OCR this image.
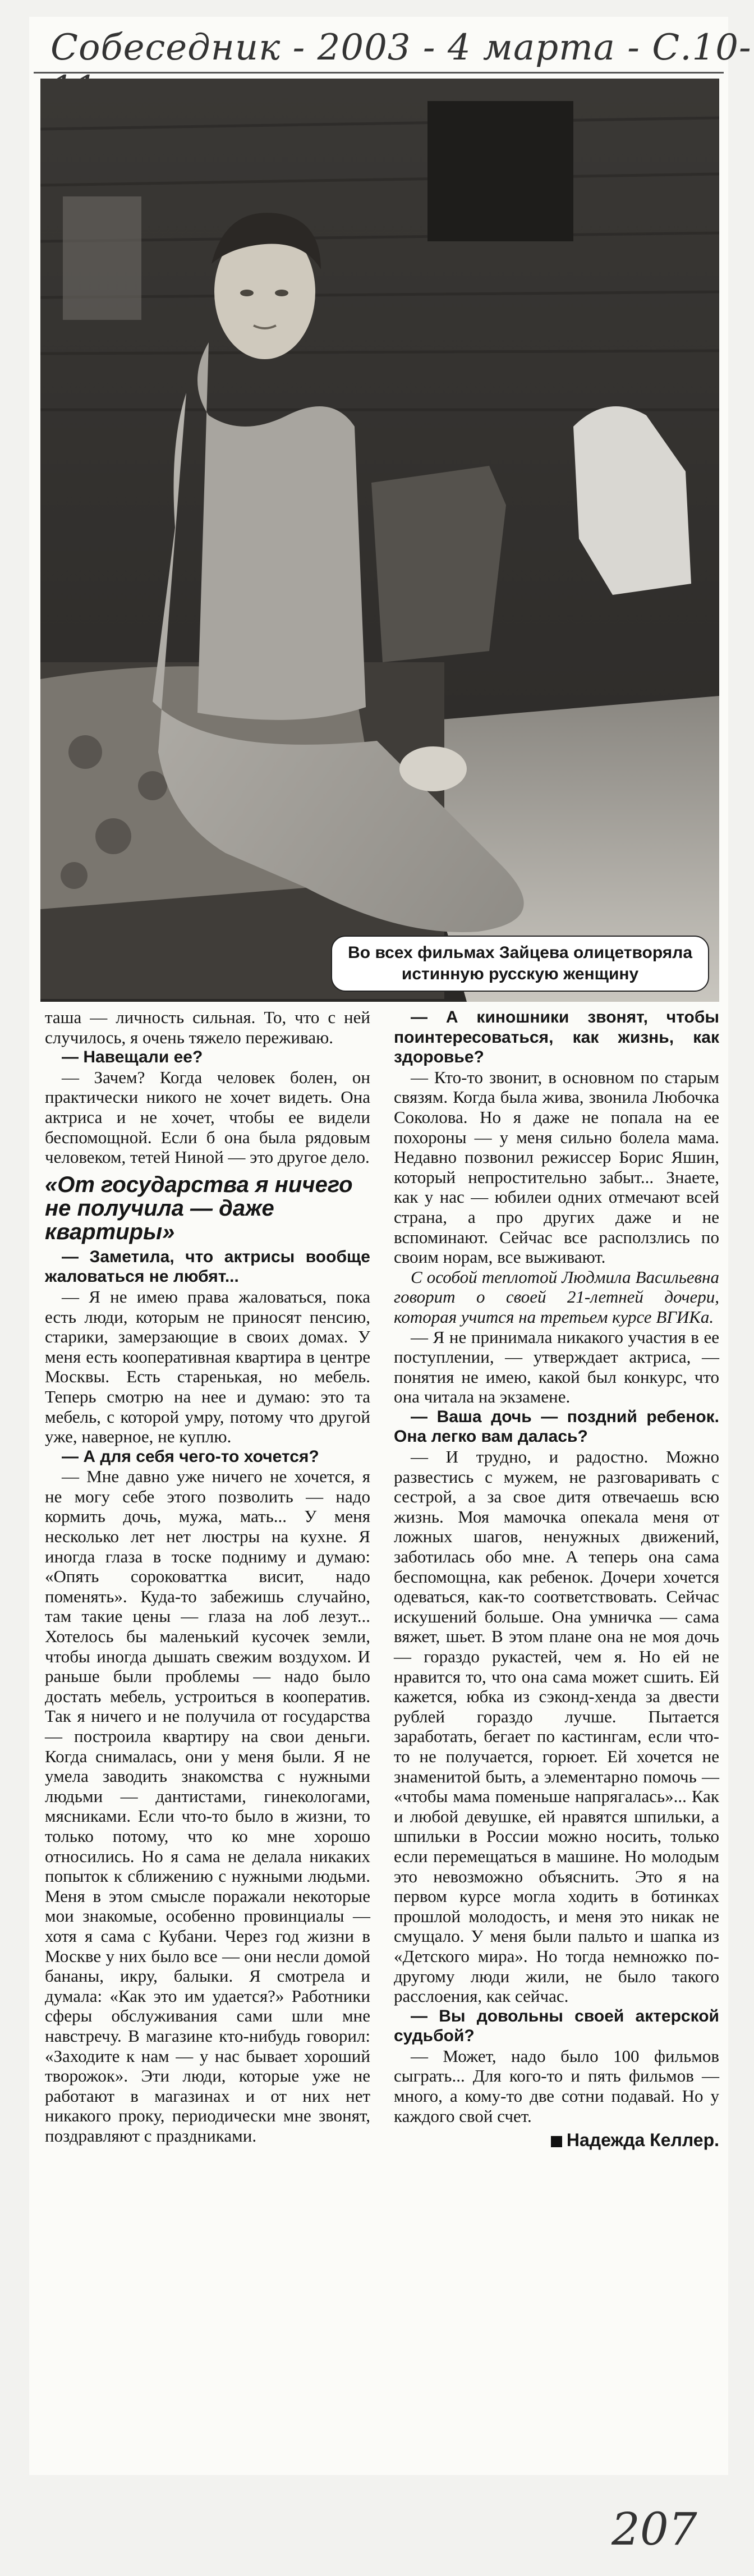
Собеседник - 2003 - 4 марта - С.10-
Во всех фильмах Зайцева олицетворяла
истинную русскую женщину

таша — личность сильная. То, что с ней случилось, я очень тяжело переживаю.

— Навещали ее?

— Зачем? Когда человек болен, он практически никого не хочет видеть. Она актриса и не хочет, чтобы ее видели беспомощной. Если б она была рядовым человеком, тетей Ниной — это другое дело.

«От государства я ничего не получила — даже квартиры»

— Заметила, что актрисы вообще жаловаться не любят...

— Я не имею права жаловаться, пока есть люди, которым не приносят пенсию, старики, замерзающие в своих домах. У меня есть кооперативная квартира в центре Москвы. Есть старенькая, но мебель. Теперь смотрю на нее и думаю: это та мебель, с которой умру, потому что другой уже, наверное, не куплю.

— А для себя чего-то хочется?

— Мне давно уже ничего не хочется, я не могу себе этого позволить — надо кормить дочь, мужа, мать... У меня несколько лет нет люстры на кухне. Я иногда глаза в тоске подниму и думаю: «Опять сороковаттка висит, надо поменять». Куда-то забежишь случайно, там такие цены — глаза на лоб лезут... Хотелось бы маленький кусочек земли, чтобы иногда дышать свежим воздухом. И раньше были проблемы — надо было достать мебель, устроиться в кооператив. Так я ничего и не получила от государства — построила квартиру на свои деньги. Когда снималась, они у меня были. Я не умела заводить знакомства с нужными людьми — дантистами, гинекологами, мясниками. Если что-то было в жизни, то только потому, что ко мне хорошо относились. Но я сама не делала никаких попыток к сближению с нужными людьми. Меня в этом смысле поражали некоторые мои знакомые, особенно провинциалы — хотя я сама с Кубани. Через год жизни в Москве у них было все — они несли домой бананы, икру, балыки. Я смотрела и думала: «Как это им удается?» Работники сферы обслуживания сами шли мне навстречу. В магазине кто-нибудь говорил: «Заходите к нам — у нас бывает хороший творожок». Эти люди, которые уже не работают в магазинах и от них нет никакого проку, периодически мне звонят, поздравляют с праздниками.

— А киношники звонят, чтобы поинтересоваться, как жизнь, как здоровье?

— Кто-то звонит, в основном по старым связям. Когда была жива, звонила Любочка Соколова. Но я даже не попала на ее похороны — у меня сильно болела мама. Недавно позвонил режиссер Борис Яшин, который непростительно забыт... Знаете, как у нас — юбилеи одних отмечают всей страна, а про других даже и не вспоминают. Сейчас все расползлись по своим норам, все выживают.

С особой теплотой Людмила Васильевна говорит о своей 21-летней дочери, которая учится на третьем курсе ВГИКа.

— Я не принимала никакого участия в ее поступлении, — утверждает актриса, — понятия не имею, какой был конкурс, что она читала на экзамене.

— Ваша дочь — поздний ребенок. Она легко вам далась?

— И трудно, и радостно. Можно развестись с мужем, не разговаривать с сестрой, а за свое дитя отвечаешь всю жизнь. Моя мамочка опекала меня от ложных шагов, ненужных движений, заботилась обо мне. А теперь она сама беспомощна, как ребенок. Дочери хочется одеваться, как-то соответствовать. Сейчас искушений больше. Она умничка — сама вяжет, шьет. В этом плане она не моя дочь — гораздо рукастей, чем я. Но ей не нравится то, что она сама может сшить. Ей кажется, юбка из сэконд-хенда за двести рублей гораздо лучше. Пытается заработать, бегает по кастингам, если что-то не получается, горюет. Ей хочется не знаменитой быть, а элементарно помочь — «чтобы мама поменьше напрягалась»... Как и любой девушке, ей нравятся шпильки, а шпильки в России можно носить, только если перемещаться в машине. Но молодым это невозможно объяснить. Это я на первом курсе могла ходить в ботинках прошлой молодость, и меня это никак не смущало. У меня были пальто и шапка из «Детского мира». Но тогда немножко по-другому люди жили, не было такого расслоения, как сейчас.

— Вы довольны своей актерской судьбой?

— Может, надо было 100 фильмов сыграть... Для кого-то и пять фильмов — много, а кому-то две сотни подавай. Но у каждого свой счет.

Надежда Келлер.
207
